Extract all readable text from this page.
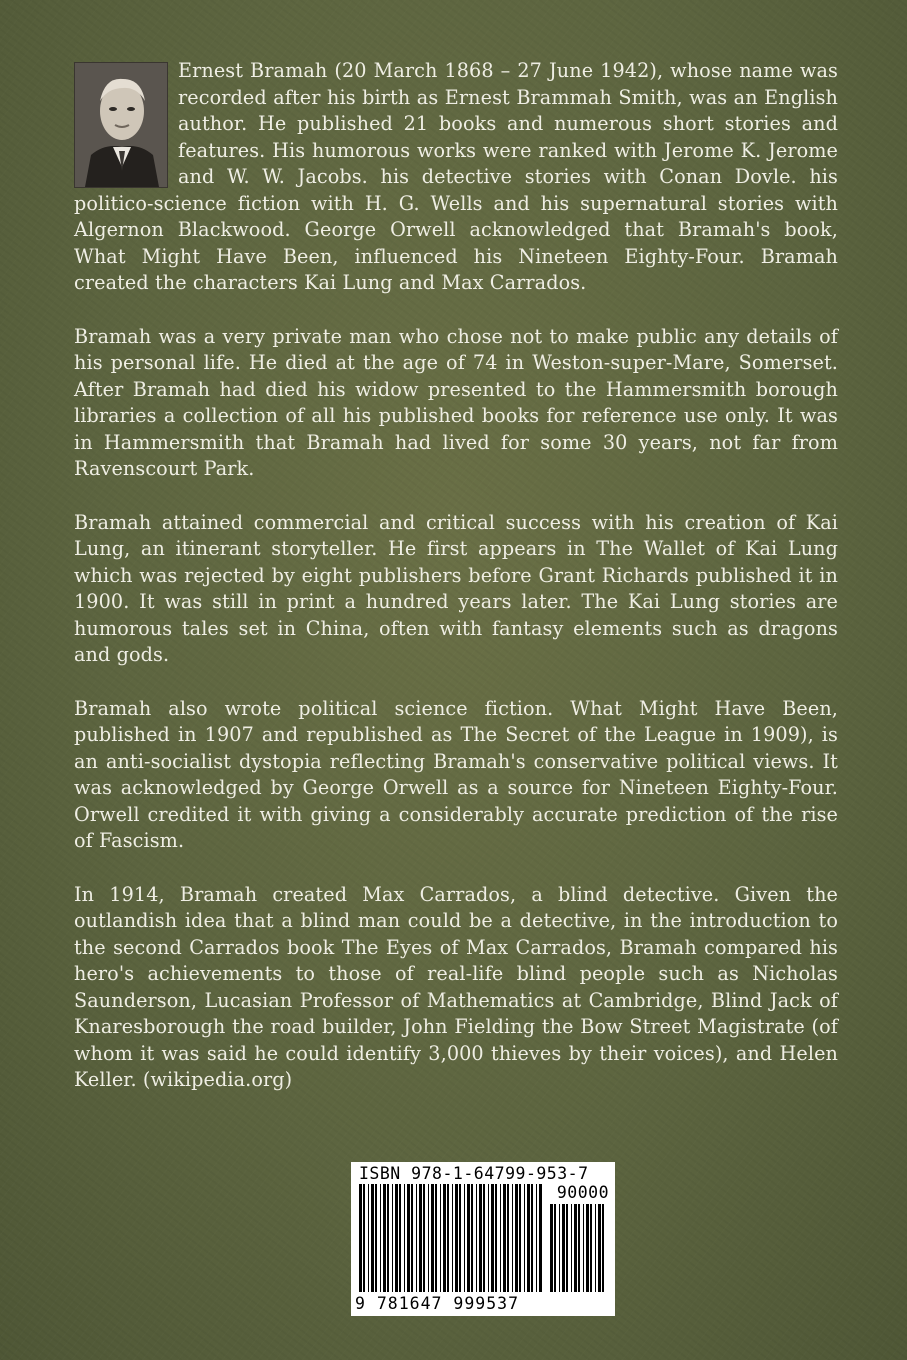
Ernest Bramah (20 March 1868 – 27 June 1942), whose name was recorded after his birth as Ernest Brammah Smith, was an English author. He published 21 books and numerous short stories and features. His humorous works were ranked with Jerome K. Jerome and W. W. Jacobs. his detective stories with Conan Dovle. his politico-science fiction with H. G. Wells and his supernatural stories with Algernon Blackwood. George Orwell acknowledged that Bramah's book, What Might Have Been, influenced his Nineteen Eighty-Four. Bramah created the characters Kai Lung and Max Carrados.

Bramah was a very private man who chose not to make public any details of his personal life. He died at the age of 74 in Weston-super-Mare, Somerset. After Bramah had died his widow presented to the Hammersmith borough libraries a collection of all his published books for reference use only. It was in Hammersmith that Bramah had lived for some 30 years, not far from Ravenscourt Park.

Bramah attained commercial and critical success with his creation of Kai Lung, an itinerant storyteller. He first appears in The Wallet of Kai Lung which was rejected by eight publishers before Grant Richards published it in 1900. It was still in print a hundred years later. The Kai Lung stories are humorous tales set in China, often with fantasy elements such as dragons and gods.

Bramah also wrote political science fiction. What Might Have Been, published in 1907 and republished as The Secret of the League in 1909), is an anti-socialist dystopia reflecting Bramah's conservative political views. It was acknowledged by George Orwell as a source for Nineteen Eighty-Four. Orwell credited it with giving a considerably accurate prediction of the rise of Fascism.

In 1914, Bramah created Max Carrados, a blind detective. Given the outlandish idea that a blind man could be a detective, in the introduction to the second Carrados book The Eyes of Max Carrados, Bramah compared his hero's achievements to those of real-life blind people such as Nicholas Saunderson, Lucasian Professor of Mathematics at Cambridge, Blind Jack of Knaresborough the road builder, John Fielding the Bow Street Magistrate (of whom it was said he could identify 3,000 thieves by their voices), and Helen Keller. (wikipedia.org)

ISBN 978-1-64799-953-7
90000
9 781647 999537
